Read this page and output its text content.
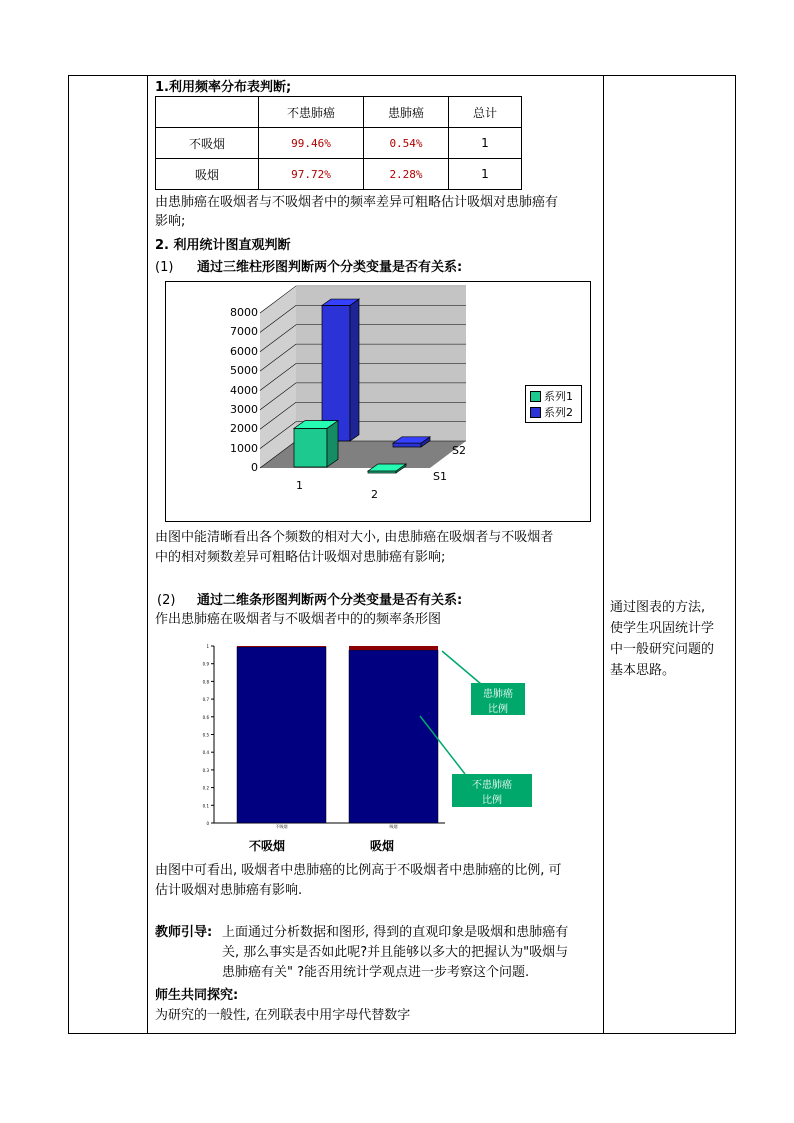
1.利用频率分布表判断;
	不患肺癌	患肺癌	总计
不吸烟	99.46%	0.54%	1
吸烟	97.72%	2.28%	1
由患肺癌在吸烟者与不吸烟者中的频率差异可粗略估计吸烟对患肺癌有
影响;
2. 利用统计图直观判断
(1) 通过三维柱形图判断两个分类变量是否有关系:
8000
7000
6000
5000
4000
3000
2000
1000
0
1
2
S2
S1
系列1
系列2
由图中能清晰看出各个频数的相对大小, 由患肺癌在吸烟者与不吸烟者
中的相对频数差异可粗略估计吸烟对患肺癌有影响;
(2) 通过二维条形图判断两个分类变量是否有关系:
作出患肺癌在吸烟者与不吸烟者中的的频率条形图
1
0.9
0.8
0.7
0.6
0.5
0.4
0.3
0.2
0.1
0
不吸烟	吸烟
患肺癌
比例
不患肺癌
比例
不吸烟	吸烟
由图中可看出, 吸烟者中患肺癌的比例高于不吸烟者中患肺癌的比例, 可
估计吸烟对患肺癌有影响.
教师引导: 上面通过分析数据和图形, 得到的直观印象是吸烟和患肺癌有
关, 那么事实是否如此呢?并且能够以多大的把握认为"吸烟与
患肺癌有关" ?能否用统计学观点进一步考察这个问题.
师生共同探究:
为研究的一般性, 在列联表中用字母代替数字
通过图表的方法,
使学生巩固统计学
中一般研究问题的
基本思路。
